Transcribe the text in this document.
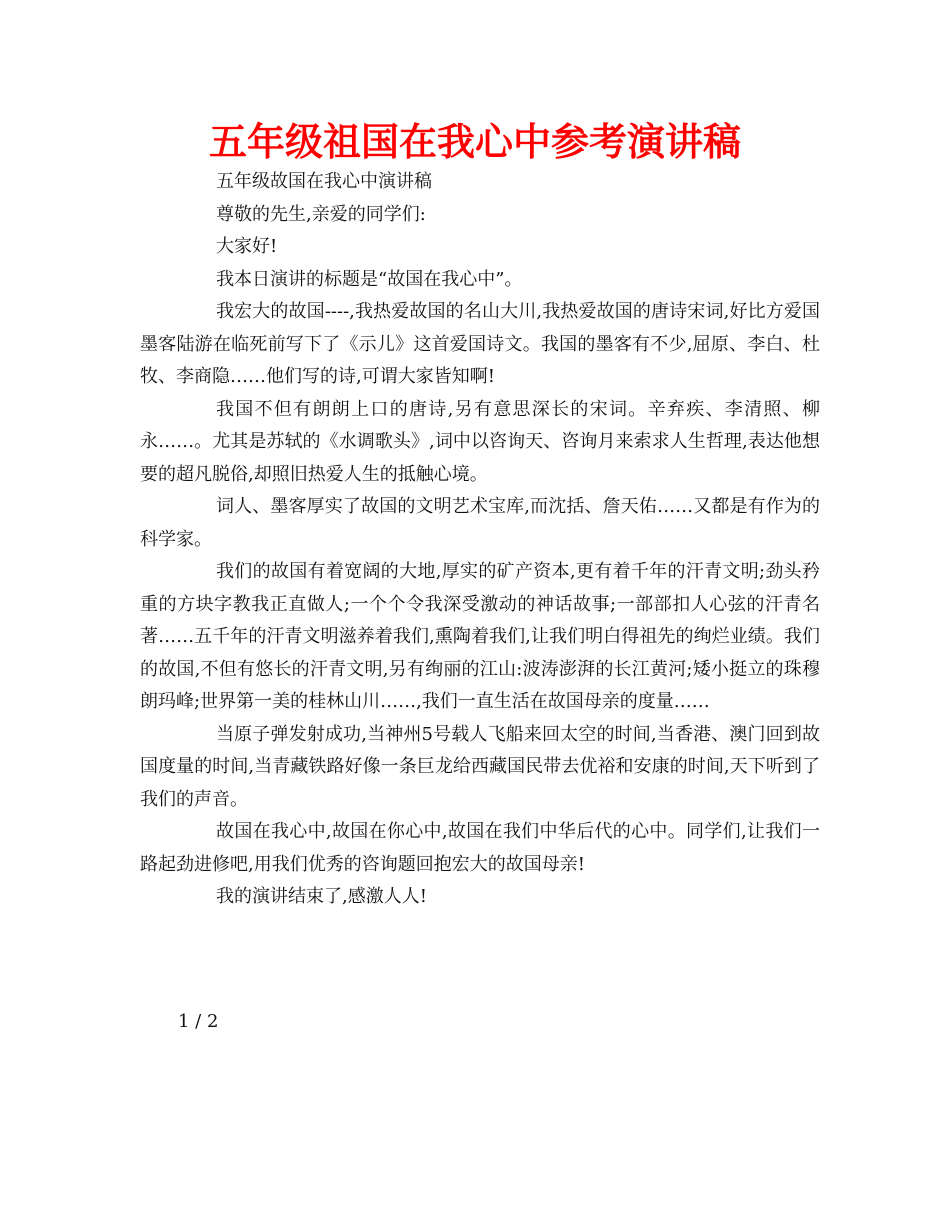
五年级祖国在我心中参考演讲稿

五年级故国在我心中演讲稿

尊敬的先生,亲爱的同学们:

大家好!

我本日演讲的标题是“故国在我心中”。

我宏大的故国----,我热爱故国的名山大川,我热爱故国的唐诗宋词,好比方爱国墨客陆游在临死前写下了《示儿》这首爱国诗文。我国的墨客有不少,屈原、李白、杜牧、李商隐……他们写的诗,可谓大家皆知啊!

我国不但有朗朗上口的唐诗,另有意思深长的宋词。辛弃疾、李清照、柳永……。尤其是苏轼的《水调歌头》,词中以咨询天、咨询月来索求人生哲理,表达他想要的超凡脱俗,却照旧热爱人生的抵触心境。

词人、墨客厚实了故国的文明艺术宝库,而沈括、詹天佑……又都是有作为的科学家。

我们的故国有着宽阔的大地,厚实的矿产资本,更有着千年的汗青文明;劲头矜重的方块字教我正直做人;一个个令我深受激动的神话故事;一部部扣人心弦的汗青名著……五千年的汗青文明滋养着我们,熏陶着我们,让我们明白得祖先的绚烂业绩。我们的故国,不但有悠长的汗青文明,另有绚丽的江山:波涛澎湃的长江黄河;矮小挺立的珠穆朗玛峰;世界第一美的桂林山川……,我们一直生活在故国母亲的度量……

当原子弹发射成功,当神州5号载人飞船来回太空的时间,当香港、澳门回到故国度量的时间,当青藏铁路好像一条巨龙给西藏国民带去优裕和安康的时间,天下听到了我们的声音。

故国在我心中,故国在你心中,故国在我们中华后代的心中。同学们,让我们一路起劲进修吧,用我们优秀的咨询题回抱宏大的故国母亲!

我的演讲结束了,感激人人!

1 / 2
